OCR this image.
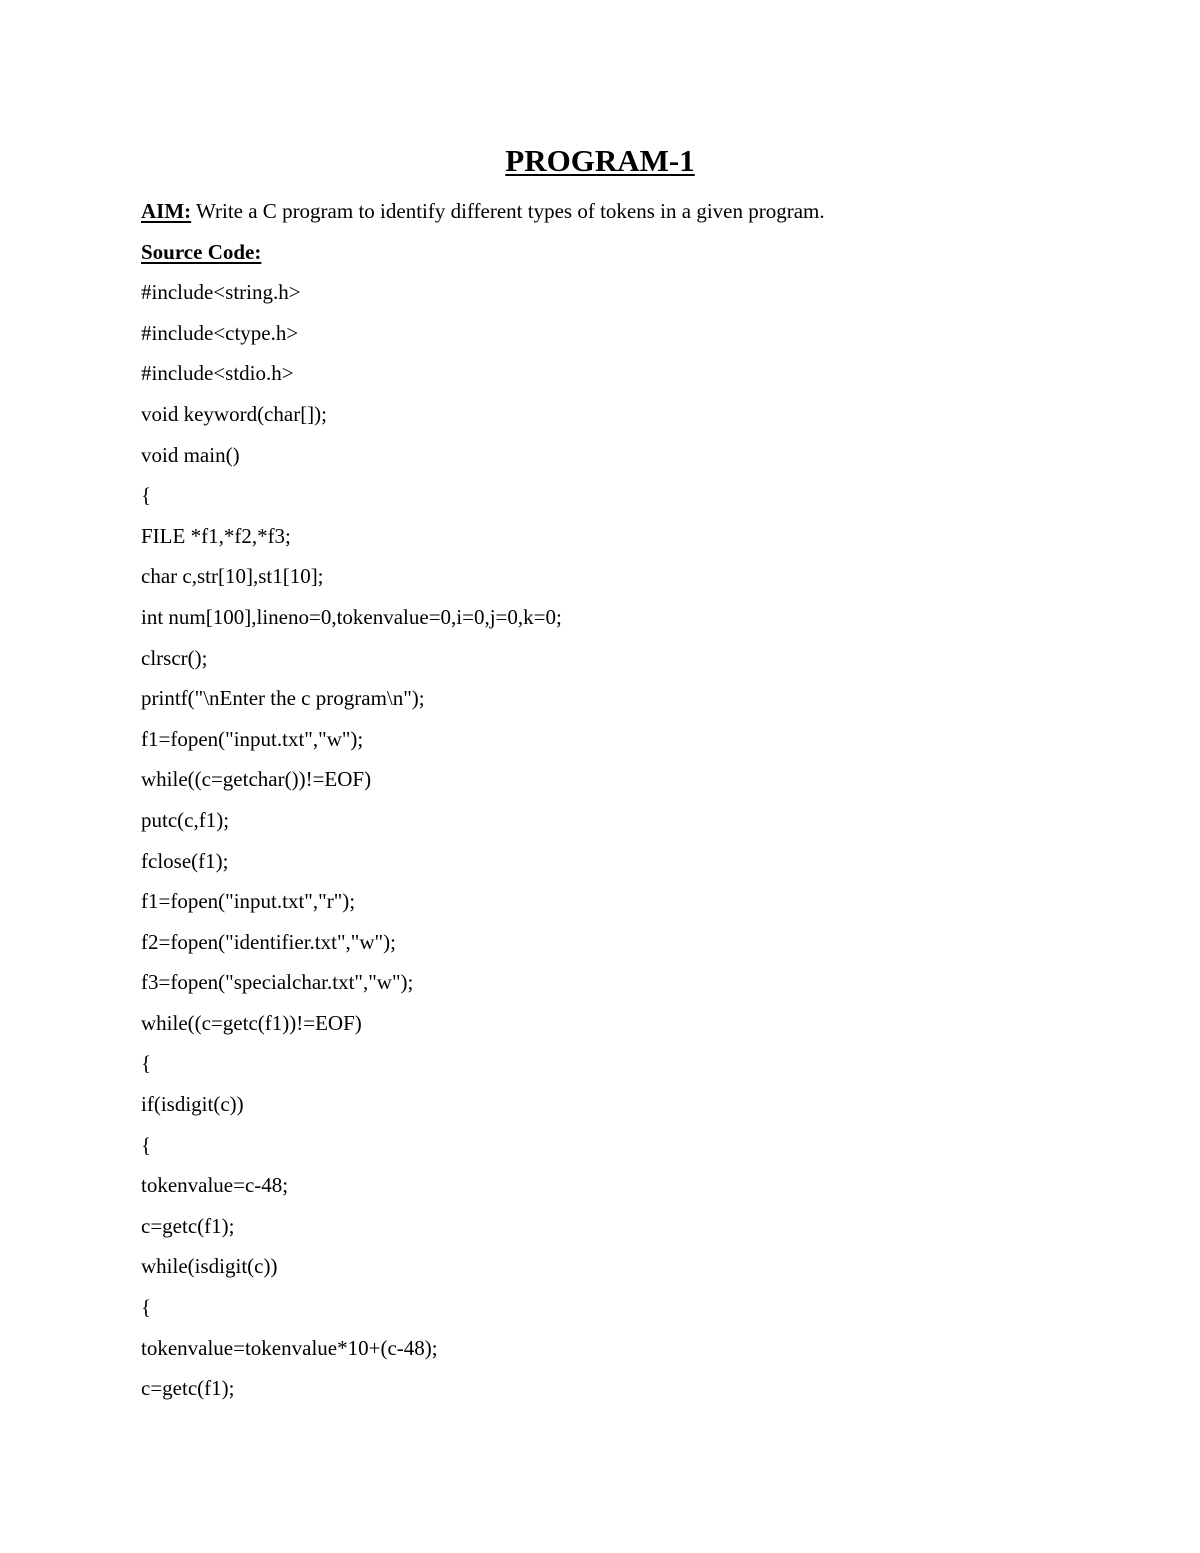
PROGRAM-1
AIM: Write a C program to identify different types of tokens in a given program.
Source Code:
#include<string.h>
#include<ctype.h>
#include<stdio.h>
void keyword(char[]);
void main()
{
FILE *f1,*f2,*f3;
char c,str[10],st1[10];
int num[100],lineno=0,tokenvalue=0,i=0,j=0,k=0;
clrscr();
printf("\nEnter the c program\n");
f1=fopen("input.txt","w");
while((c=getchar())!=EOF)
putc(c,f1);
fclose(f1);
f1=fopen("input.txt","r");
f2=fopen("identifier.txt","w");
f3=fopen("specialchar.txt","w");
while((c=getc(f1))!=EOF)
{
if(isdigit(c))
{
tokenvalue=c-48;
c=getc(f1);
while(isdigit(c))
{
tokenvalue=tokenvalue*10+(c-48);
c=getc(f1);
